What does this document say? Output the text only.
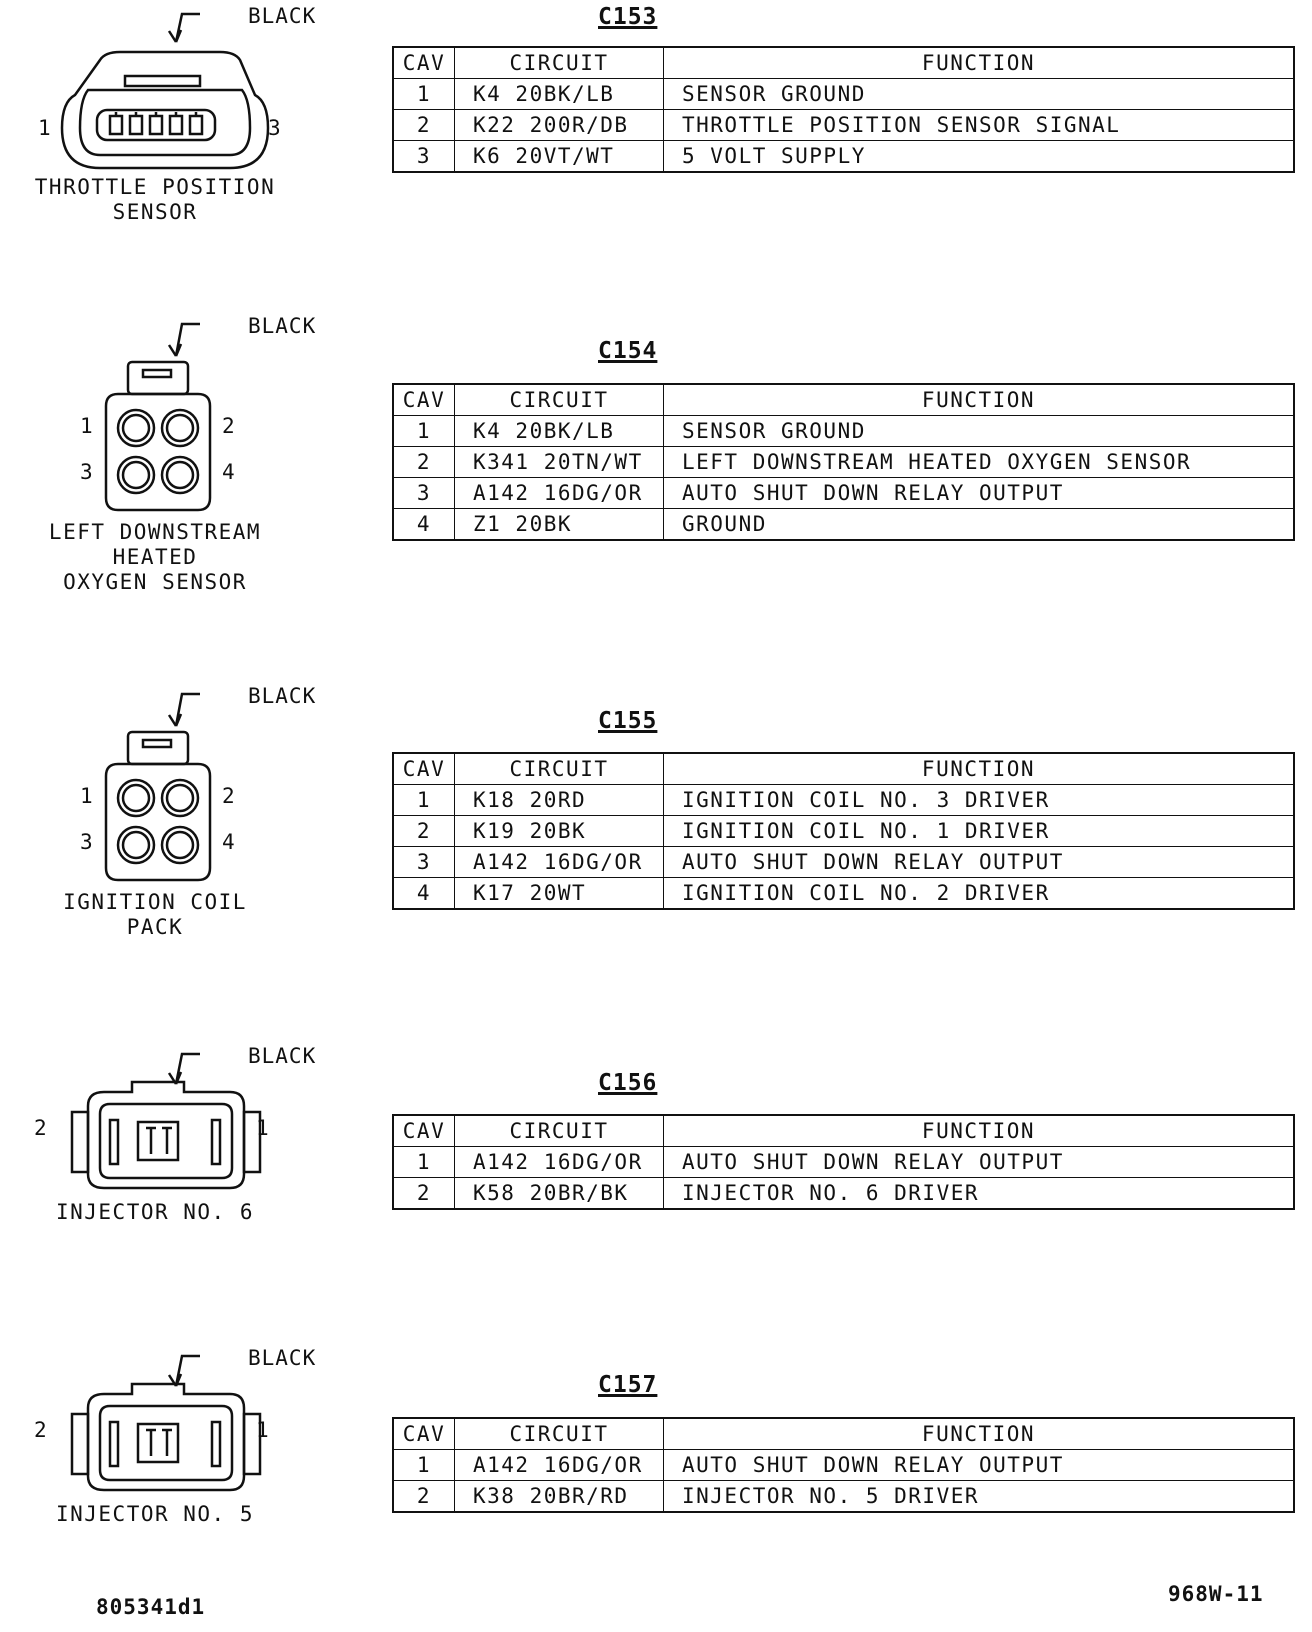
BLACK
1	3
THROTTLE POSITION
SENSOR
C153
CAV	CIRCUIT	FUNCTION
1	K4 20BK/LB	SENSOR GROUND
2	K22 200R/DB	THROTTLE POSITION SENSOR SIGNAL
3	K6 20VT/WT	5 VOLT SUPPLY
BLACK
1	2
3	4
LEFT DOWNSTREAM HEATED
OXYGEN SENSOR
C154
CAV	CIRCUIT	FUNCTION
1	K4 20BK/LB	SENSOR GROUND
2	K341 20TN/WT	LEFT DOWNSTREAM HEATED OXYGEN SENSOR
3	A142 16DG/OR	AUTO SHUT DOWN RELAY OUTPUT
4	Z1 20BK	GROUND
BLACK
1	2
3	4
IGNITION COIL
PACK
C155
CAV	CIRCUIT	FUNCTION
1	K18 20RD	IGNITION COIL NO. 3 DRIVER
2	K19 20BK	IGNITION COIL NO. 1 DRIVER
3	A142 16DG/OR	AUTO SHUT DOWN RELAY OUTPUT
4	K17 20WT	IGNITION COIL NO. 2 DRIVER
BLACK
2	1
INJECTOR NO. 6
C156
CAV	CIRCUIT	FUNCTION
1	A142 16DG/OR	AUTO SHUT DOWN RELAY OUTPUT
2	K58 20BR/BK	INJECTOR NO. 6 DRIVER
BLACK
2	1
INJECTOR NO. 5
C157
CAV	CIRCUIT	FUNCTION
1	A142 16DG/OR	AUTO SHUT DOWN RELAY OUTPUT
2	K38 20BR/RD	INJECTOR NO. 5 DRIVER
805341d1
968W-11
